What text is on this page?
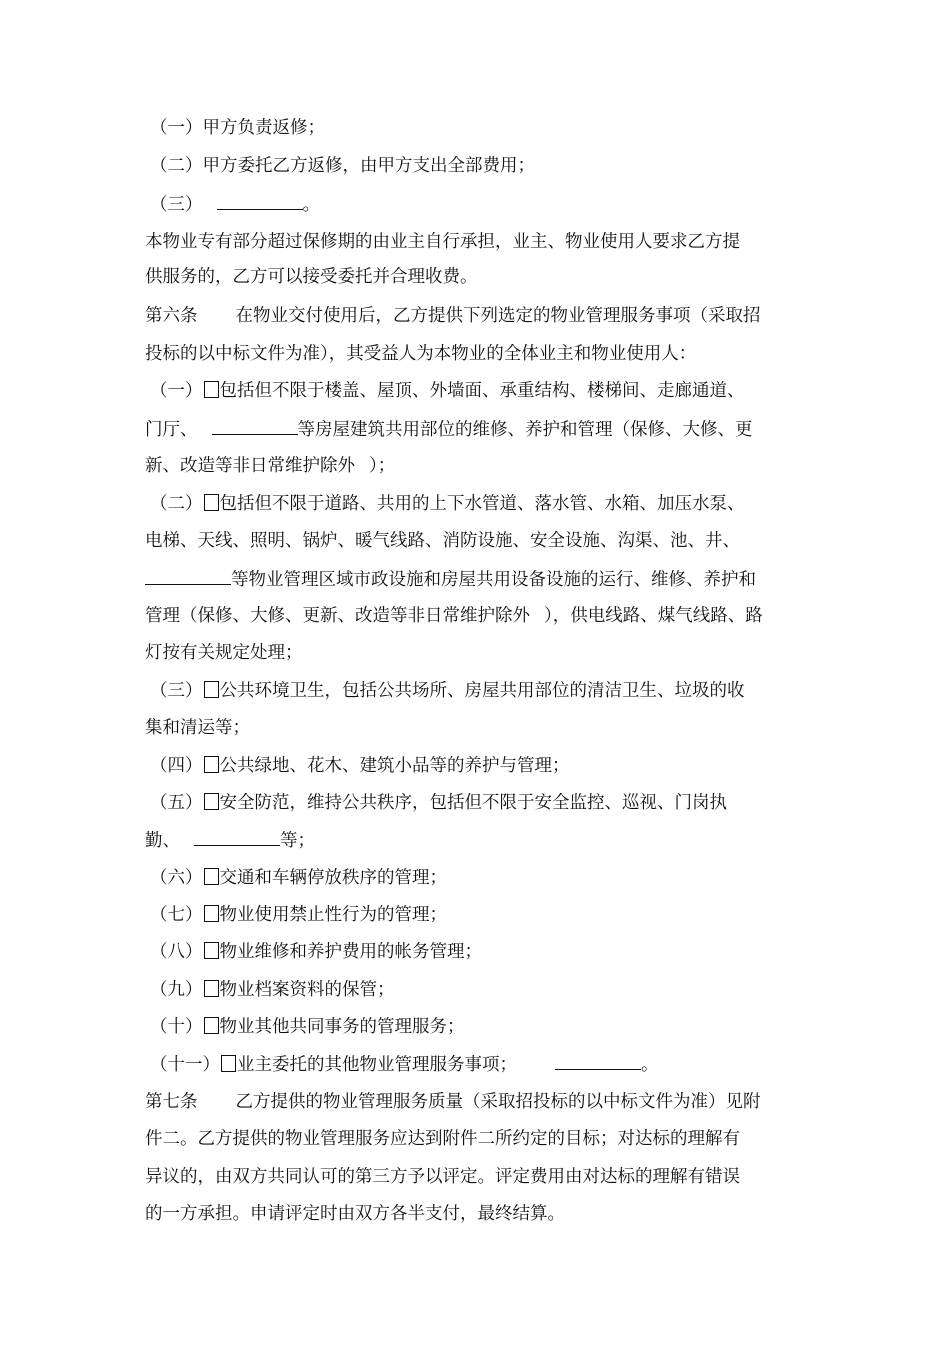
（一）甲方负责返修；
（二）甲方委托乙方返修，由甲方支出全部费用；
（三）	。
本物业专有部分超过保修期的由业主自行承担，业主、物业使用人要求乙方提
供服务的，乙方可以接受委托并合理收费。
第六条 在物业交付使用后，乙方提供下列选定的物业管理服务事项（采取招
投标的以中标文件为准），其受益人为本物业的全体业主和物业使用人：
（一） 包括但不限于楼盖、屋顶、外墙面、承重结构、楼梯间、走廊通道、
门厅、	等房屋建筑共用部位的维修、养护和管理（保修、大修、更
新、改造等非日常维护除外 ）；
（二） 包括但不限于道路、共用的上下水管道、落水管、水箱、加压水泵、
电梯、天线、照明、锅炉、暖气线路、消防设施、安全设施、沟渠、池、井、
等物业管理区域市政设施和房屋共用设备设施的运行、维修、养护和
管理（保修、大修、更新、改造等非日常维护除外 ），供电线路、煤气线路、路
灯按有关规定处理；
（三） 公共环境卫生，包括公共场所、房屋共用部位的清洁卫生、垃圾的收
集和清运等；
（四） 公共绿地、花木、建筑小品等的养护与管理；
（五） 安全防范，维持公共秩序，包括但不限于安全监控、巡视、门岗执
勤、	等；
（六） 交通和车辆停放秩序的管理；
（七） 物业使用禁止性行为的管理；
（八） 物业维修和养护费用的帐务管理；
（九） 物业档案资料的保管；
（十） 物业其他共同事务的管理服务；
（十一） 业主委托的其他物业管理服务事项；	。
第七条 乙方提供的物业管理服务质量（采取招投标的以中标文件为准）见附
件二。乙方提供的物业管理服务应达到附件二所约定的目标；对达标的理解有
异议的，由双方共同认可的第三方予以评定。评定费用由对达标的理解有错误
的一方承担。申请评定时由双方各半支付，最终结算。
